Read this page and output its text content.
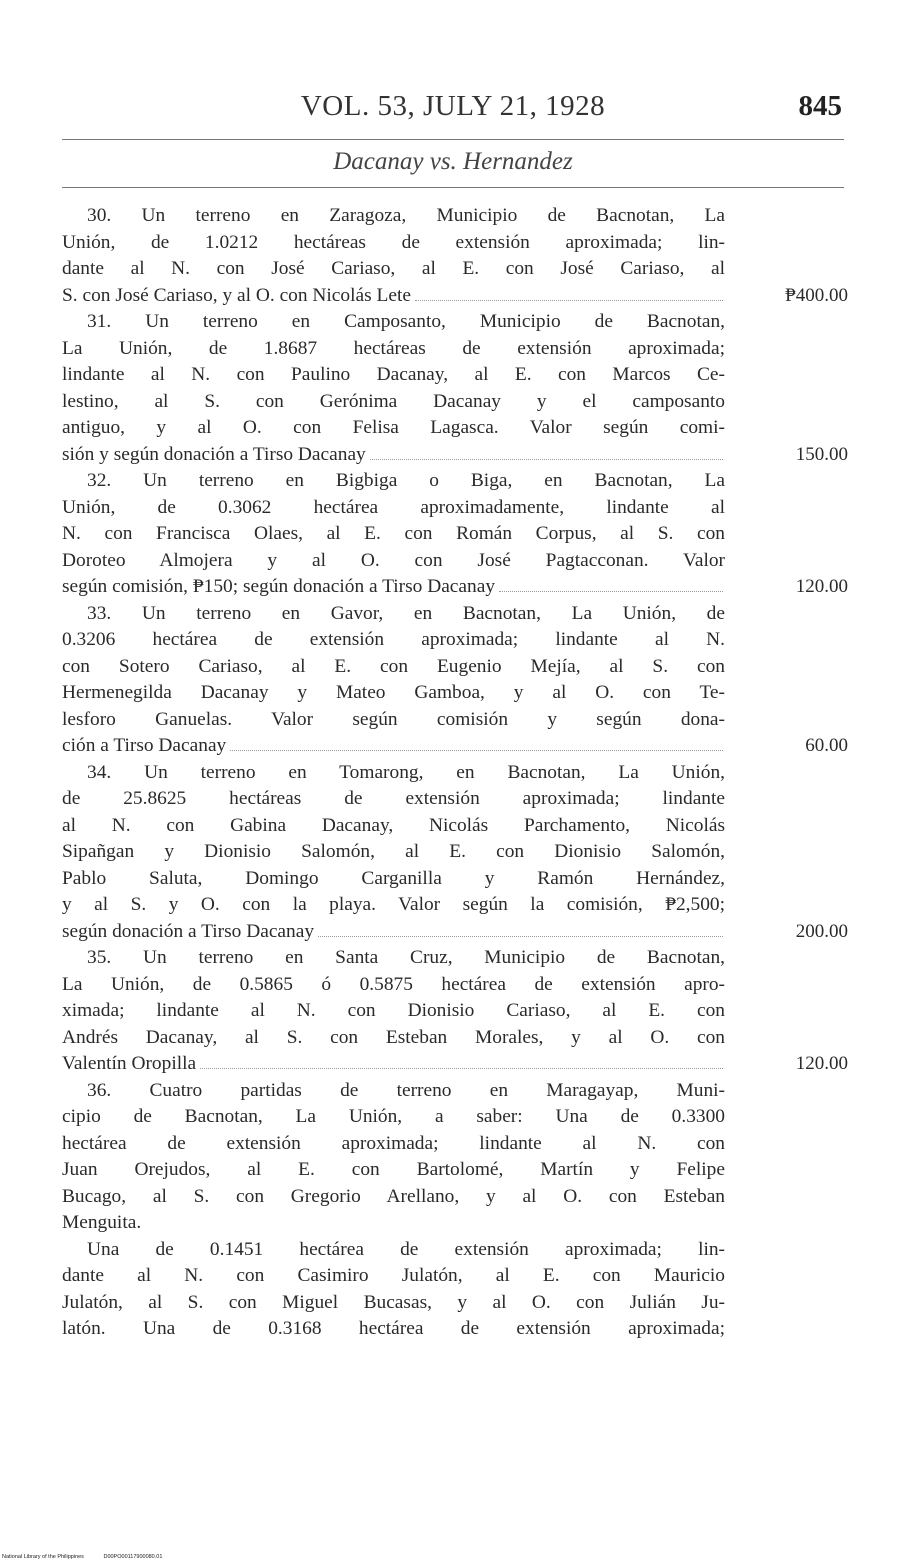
VOL. 53, JULY 21, 1928	845
Dacanay vs. Hernandez
30. Un terreno en Zaragoza, Municipio de Bacnotan, La
Unión, de 1.0212 hectáreas de extensión aproximada; lin-
dante al N. con José Cariaso, al E. con José Cariaso, al
S. con José Cariaso, y al O. con Nicolás Lete	₱400.00
31. Un terreno en Camposanto, Municipio de Bacnotan,
La Unión, de 1.8687 hectáreas de extensión aproximada;
lindante al N. con Paulino Dacanay, al E. con Marcos Ce-
lestino, al S. con Gerónima Dacanay y el camposanto
antiguo, y al O. con Felisa Lagasca. Valor según comi-
sión y según donación a Tirso Dacanay	150.00
32. Un terreno en Bigbiga o Biga, en Bacnotan, La
Unión, de 0.3062 hectárea aproximadamente, lindante al
N. con Francisca Olaes, al E. con Román Corpus, al S. con
Doroteo Almojera y al O. con José Pagtacconan. Valor
según comisión, ₱150; según donación a Tirso Dacanay	120.00
33. Un terreno en Gavor, en Bacnotan, La Unión, de
0.3206 hectárea de extensión aproximada; lindante al N.
con Sotero Cariaso, al E. con Eugenio Mejía, al S. con
Hermenegilda Dacanay y Mateo Gamboa, y al O. con Te-
lesforo Ganuelas. Valor según comisión y según dona-
ción a Tirso Dacanay	60.00
34. Un terreno en Tomarong, en Bacnotan, La Unión,
de 25.8625 hectáreas de extensión aproximada; lindante
al N. con Gabina Dacanay, Nicolás Parchamento, Nicolás
Sipañgan y Dionisio Salomón, al E. con Dionisio Salomón,
Pablo Saluta, Domingo Carganilla y Ramón Hernández,
y al S. y O. con la playa. Valor según la comisión, ₱2,500;
según donación a Tirso Dacanay	200.00
35. Un terreno en Santa Cruz, Municipio de Bacnotan,
La Unión, de 0.5865 ó 0.5875 hectárea de extensión apro-
ximada; lindante al N. con Dionisio Cariaso, al E. con
Andrés Dacanay, al S. con Esteban Morales, y al O. con
Valentín Oropilla	120.00
36. Cuatro partidas de terreno en Maragayap, Muni-
cipio de Bacnotan, La Unión, a saber: Una de 0.3300
hectárea de extensión aproximada; lindante al N. con
Juan Orejudos, al E. con Bartolomé, Martín y Felipe
Bucago, al S. con Gregorio Arellano, y al O. con Esteban
Menguita.
Una de 0.1451 hectárea de extensión aproximada; lin-
dante al N. con Casimiro Julatón, al E. con Mauricio
Julatón, al S. con Miguel Bucasas, y al O. con Julián Ju-
latón. Una de 0.3168 hectárea de extensión aproximada;
National Library of the Philippines	D00PO00117900080.01
